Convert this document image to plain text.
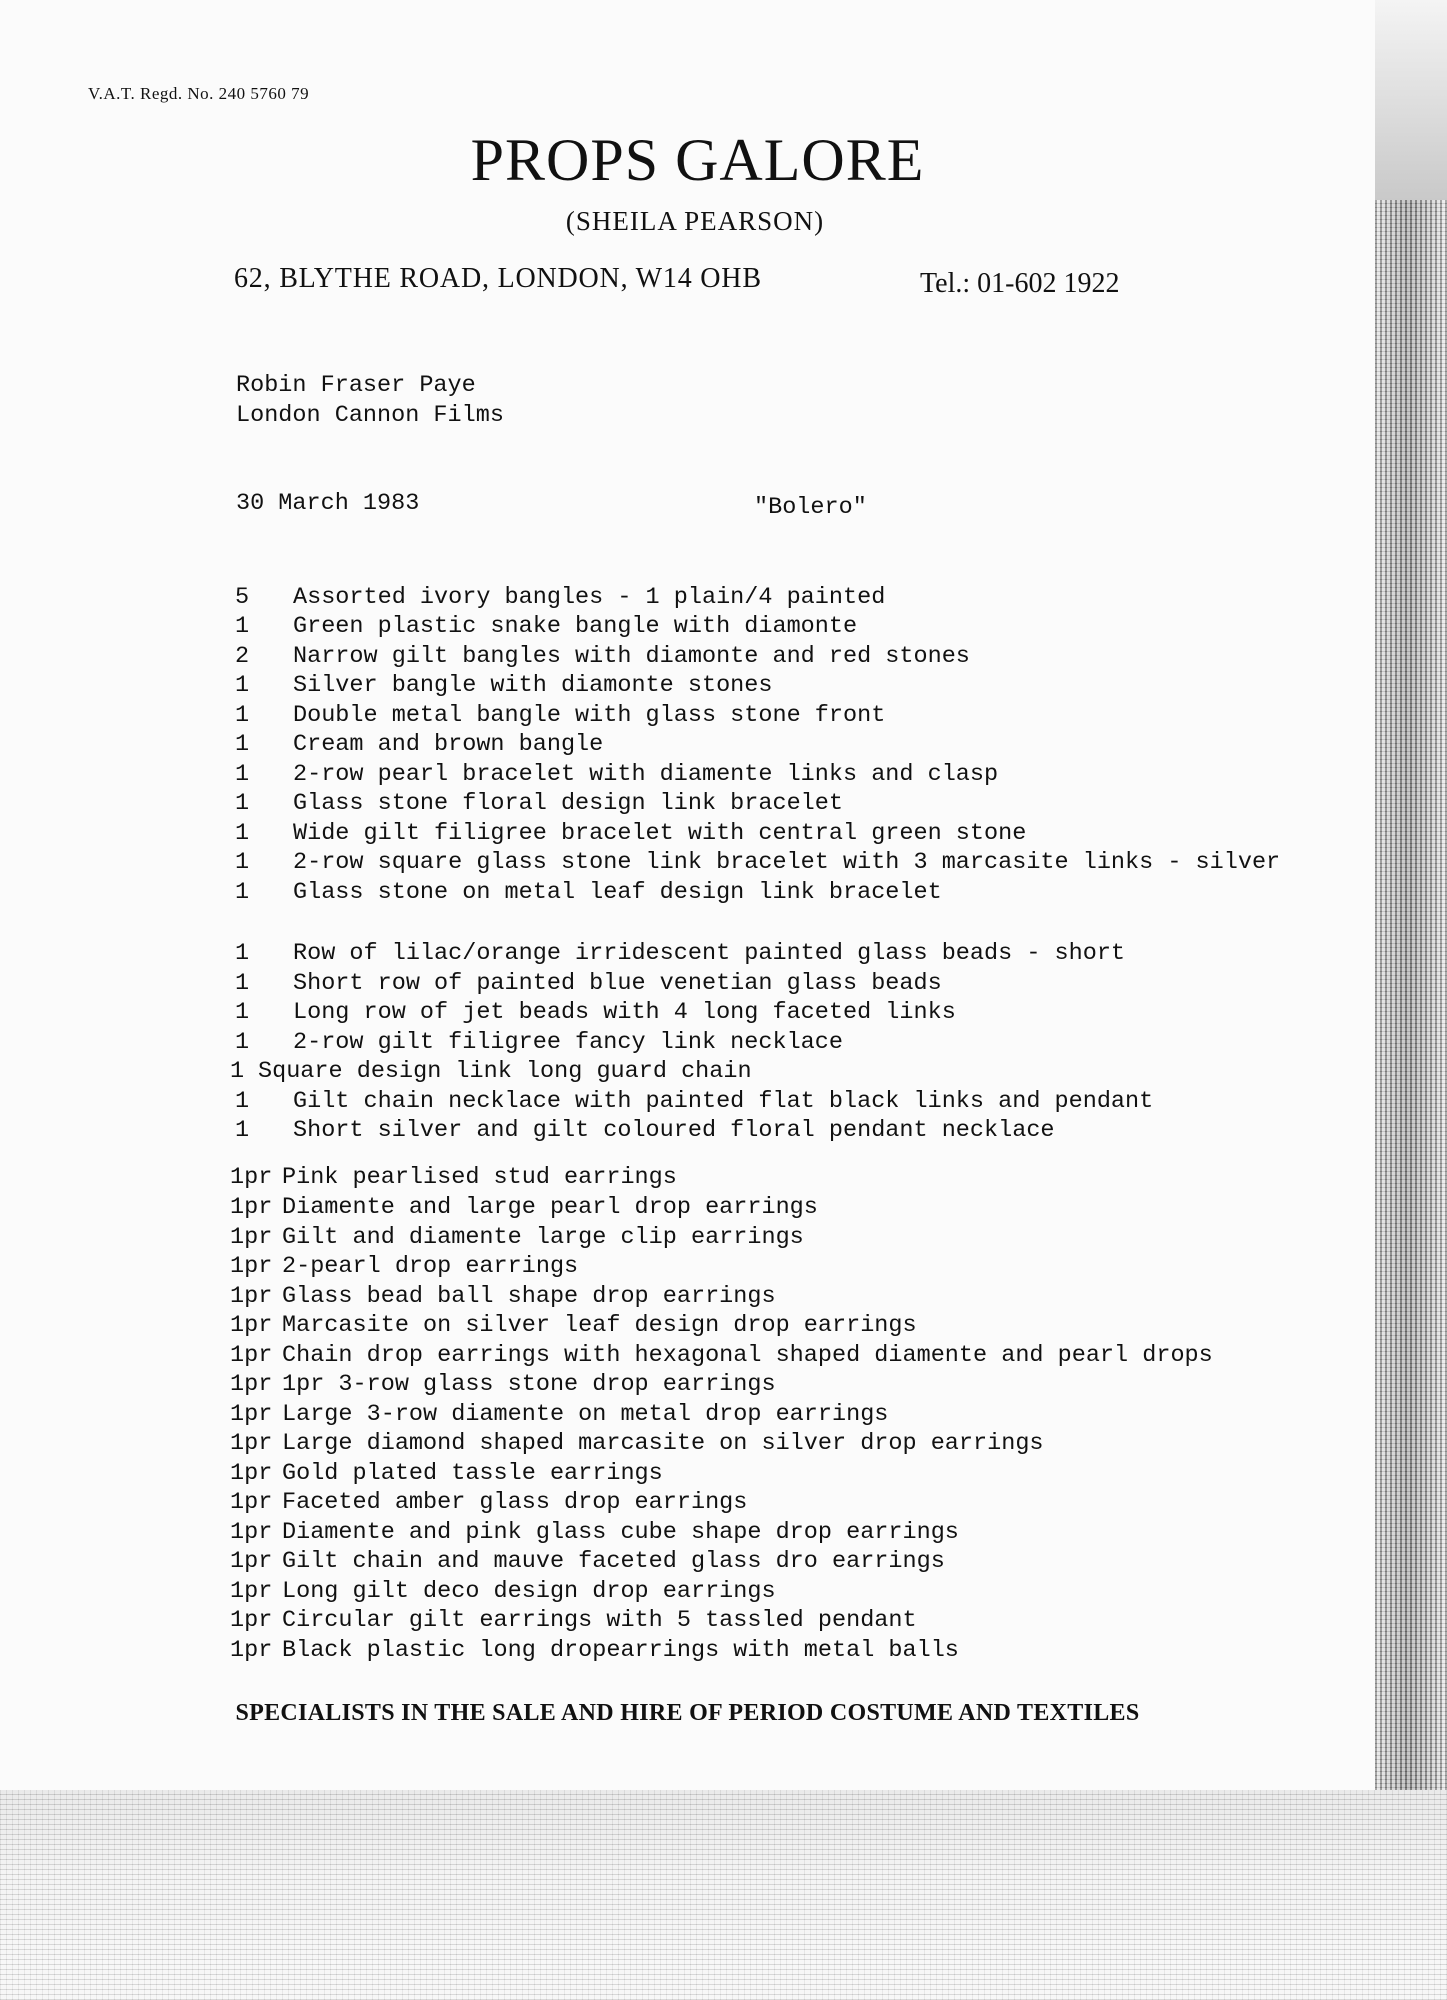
V.A.T. Regd. No. 240 5760 79
PROPS GALORE
(SHEILA PEARSON)
62, BLYTHE ROAD, LONDON, W14 OHB	Tel.: 01-602 1922
Robin Fraser Paye
London Cannon Films
30 March 1983	"Bolero"
5 Assorted ivory bangles - 1 plain/4 painted
1 Green plastic snake bangle with diamonte
2 Narrow gilt bangles with diamonte and red stones
1 Silver bangle with diamonte stones
1 Double metal bangle with glass stone front
1 Cream and brown bangle
1 2-row pearl bracelet with diamente links and clasp
1 Glass stone floral design link bracelet
1 Wide gilt filigree bracelet with central green stone
1 2-row square glass stone link bracelet with 3 marcasite links - silver
1 Glass stone on metal leaf design link bracelet
1 Row of lilac/orange irridescent painted glass beads - short
1 Short row of painted blue venetian glass beads
1 Long row of jet beads with 4 long faceted links
1 2-row gilt filigree fancy link necklace
1 Square design link long guard chain
1 Gilt chain necklace with painted flat black links and pendant
1 Short silver and gilt coloured floral pendant necklace
1pr Pink pearlised stud earrings
1pr Diamente and large pearl drop earrings
1pr Gilt and diamente large clip earrings
1pr 2-pearl drop earrings
1pr Glass bead ball shape drop earrings
1pr Marcasite on silver leaf design drop earrings
1pr Chain drop earrings with hexagonal shaped diamente and pearl drops
1pr 1pr 3-row glass stone drop earrings
1pr Large 3-row diamente on metal drop earrings
1pr Large diamond shaped marcasite on silver drop earrings
1pr Gold plated tassle earrings
1pr Faceted amber glass drop earrings
1pr Diamente and pink glass cube shape drop earrings
1pr Gilt chain and mauve faceted glass dro earrings
1pr Long gilt deco design drop earrings
1pr Circular gilt earrings with 5 tassled pendant
1pr Black plastic long dropearrings with metal balls
SPECIALISTS IN THE SALE AND HIRE OF PERIOD COSTUME AND TEXTILES
